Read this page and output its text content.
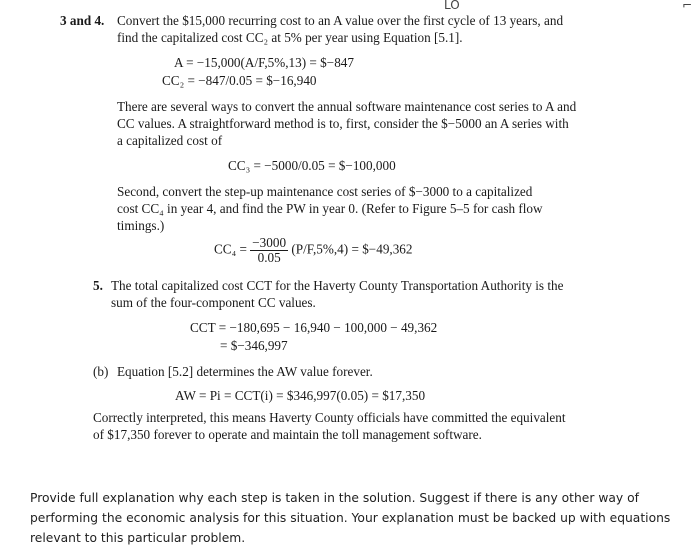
LO	⌐
3 and 4. Convert the $15,000 recurring cost to an A value over the first cycle of 13 years, and
find the capitalized cost CC₂ at 5% per year using Equation [5.1].
A = −15,000(A/F,5%,13) = $−847
CC₂ = −847/0.05 = $−16,940
There are several ways to convert the annual software maintenance cost series to A and
CC values. A straightforward method is to, first, consider the $−5000 an A series with
a capitalized cost of
CC₃ = −5000/0.05 = $−100,000
Second, convert the step-up maintenance cost series of $−3000 to a capitalized
cost CC₄ in year 4, and find the PW in year 0. (Refer to Figure 5–5 for cash flow
timings.)
$CC_4 = \frac{-3000}{0.05} (P/F,5\%,4)$ = $−49,362
5. The total capitalized cost CCT for the Haverty County Transportation Authority is the
sum of the four-component CC values.
CCT = −180,695 − 16,940 − 100,000 − 49,362
= $−346,997
(b) Equation [5.2] determines the AW value forever.
AW = Pi = CCT(i) = $346,997(0.05) = $17,350
Correctly interpreted, this means Haverty County officials have committed the equivalent
of $17,350 forever to operate and maintain the toll management software.
Provide full explanation why each step is taken in the solution. Suggest if there is any other way of
performing the economic analysis for this situation. Your explanation must be backed up with equations
relevant to this particular problem.
